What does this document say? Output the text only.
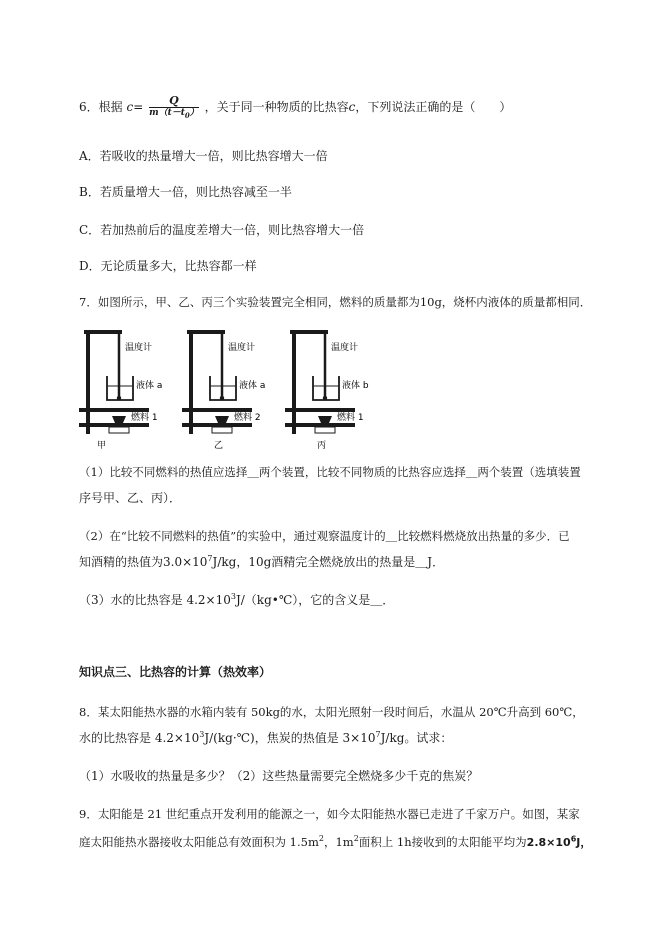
6．根据 $c= \frac{Q}{m(t-t_0)}$ ，关于同一种物质的比热容c，下列说法正确的是（　　）
A．若吸收的热量增大一倍，则比热容增大一倍
B．若质量增大一倍，则比热容减至一半
C．若加热前后的温度差增大一倍，则比热容增大一倍
D．无论质量多大，比热容都一样
7．如图所示，甲、乙、丙三个实验装置完全相同，燃料的质量都为10g，烧杯内液体的质量都相同．
温度计
液体 a
燃料 1
甲
温度计
液体 a
燃料 2
乙
温度计
液体 b
燃料 1
丙
（1）比较不同燃料的热值应选择＿两个装置，比较不同物质的比热容应选择＿两个装置（选填装置
序号甲、乙、丙）．
（2）在“比较不同燃料的热值”的实验中，通过观察温度计的＿比较燃料燃烧放出热量的多少．已
知酒精的热值为$3.0\times 10^7J/kg$，10g酒精完全燃烧放出的热量是＿J．
（3）水的比热容是 $4.2\times 10^3J/(kg•℃)$，它的含义是＿．
知识点三、比热容的计算（热效率）
8．某太阳能热水器的水箱内装有 50kg的水，太阳光照射一段时间后，水温从 20℃升高到 60℃，
水的比热容是 $4.2\times 10^3J/(kg\cdot℃)$，焦炭的热值是 $3\times 10^7J/kg$。试求：
（1）水吸收的热量是多少？（2）这些热量需要完全燃烧多少千克的焦炭？
9．太阳能是 21 世纪重点开发利用的能源之一，如今太阳能热水器已走进了千家万户。如图，某家
庭太阳能热水器接收太阳能总有效面积为 $1.5m^2$，$1m^2$面积上 1h接收到的太阳能平均为$2.8\times 10^6J$，
